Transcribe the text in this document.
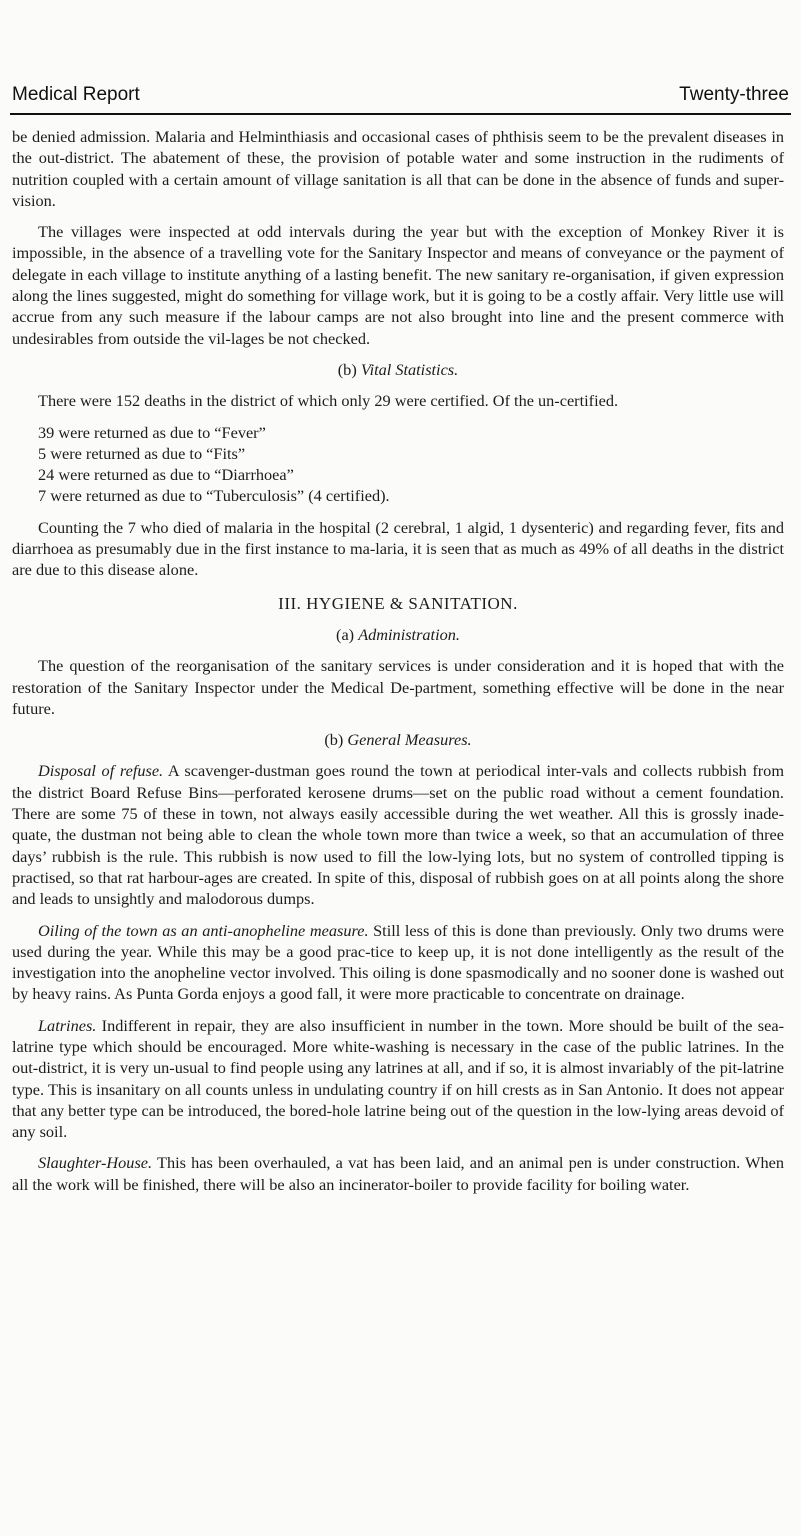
Medical Report	Twenty-three

be denied admission. Malaria and Helminthiasis and occasional cases of phthisis seem to be the prevalent diseases in the out-district. The abatement of these, the provision of potable water and some instruction in the rudiments of nutrition coupled with a certain amount of village sanitation is all that can be done in the absence of funds and super-vision.

The villages were inspected at odd intervals during the year but with the exception of Monkey River it is impossible, in the absence of a travelling vote for the Sanitary Inspector and means of conveyance or the payment of delegate in each village to institute anything of a lasting benefit. The new sanitary re-organisation, if given expression along the lines suggested, might do something for village work, but it is going to be a costly affair. Very little use will accrue from any such measure if the labour camps are not also brought into line and the present commerce with undesirables from outside the vil-lages be not checked.

(b) Vital Statistics.

There were 152 deaths in the district of which only 29 were certified. Of the un-certified.

39 were returned as due to “Fever”

5 were returned as due to “Fits”

24 were returned as due to “Diarrhoea”

7 were returned as due to “Tuberculosis” (4 certified).

Counting the 7 who died of malaria in the hospital (2 cerebral, 1 algid, 1 dysenteric) and regarding fever, fits and diarrhoea as presumably due in the first instance to ma-laria, it is seen that as much as 49% of all deaths in the district are due to this disease alone.

III. HYGIENE & SANITATION.
(a) Administration.

The question of the reorganisation of the sanitary services is under consideration and it is hoped that with the restoration of the Sanitary Inspector under the Medical De-partment, something effective will be done in the near future.

(b) General Measures.

Disposal of refuse. A scavenger-dustman goes round the town at periodical inter-vals and collects rubbish from the district Board Refuse Bins—perforated kerosene drums—set on the public road without a cement foundation. There are some 75 of these in town, not always easily accessible during the wet weather. All this is grossly inade-quate, the dustman not being able to clean the whole town more than twice a week, so that an accumulation of three days’ rubbish is the rule. This rubbish is now used to fill the low-lying lots, but no system of controlled tipping is practised, so that rat harbour-ages are created. In spite of this, disposal of rubbish goes on at all points along the shore and leads to unsightly and malodorous dumps.

Oiling of the town as an anti-anopheline measure. Still less of this is done than previously. Only two drums were used during the year. While this may be a good prac-tice to keep up, it is not done intelligently as the result of the investigation into the anopheline vector involved. This oiling is done spasmodically and no sooner done is washed out by heavy rains. As Punta Gorda enjoys a good fall, it were more practicable to concentrate on drainage.

Latrines. Indifferent in repair, they are also insufficient in number in the town. More should be built of the sea-latrine type which should be encouraged. More white-washing is necessary in the case of the public latrines. In the out-district, it is very un-usual to find people using any latrines at all, and if so, it is almost invariably of the pit-latrine type. This is insanitary on all counts unless in undulating country if on hill crests as in San Antonio. It does not appear that any better type can be introduced, the bored-hole latrine being out of the question in the low-lying areas devoid of any soil.

Slaughter-House. This has been overhauled, a vat has been laid, and an animal pen is under construction. When all the work will be finished, there will be also an incinerator-boiler to provide facility for boiling water.
